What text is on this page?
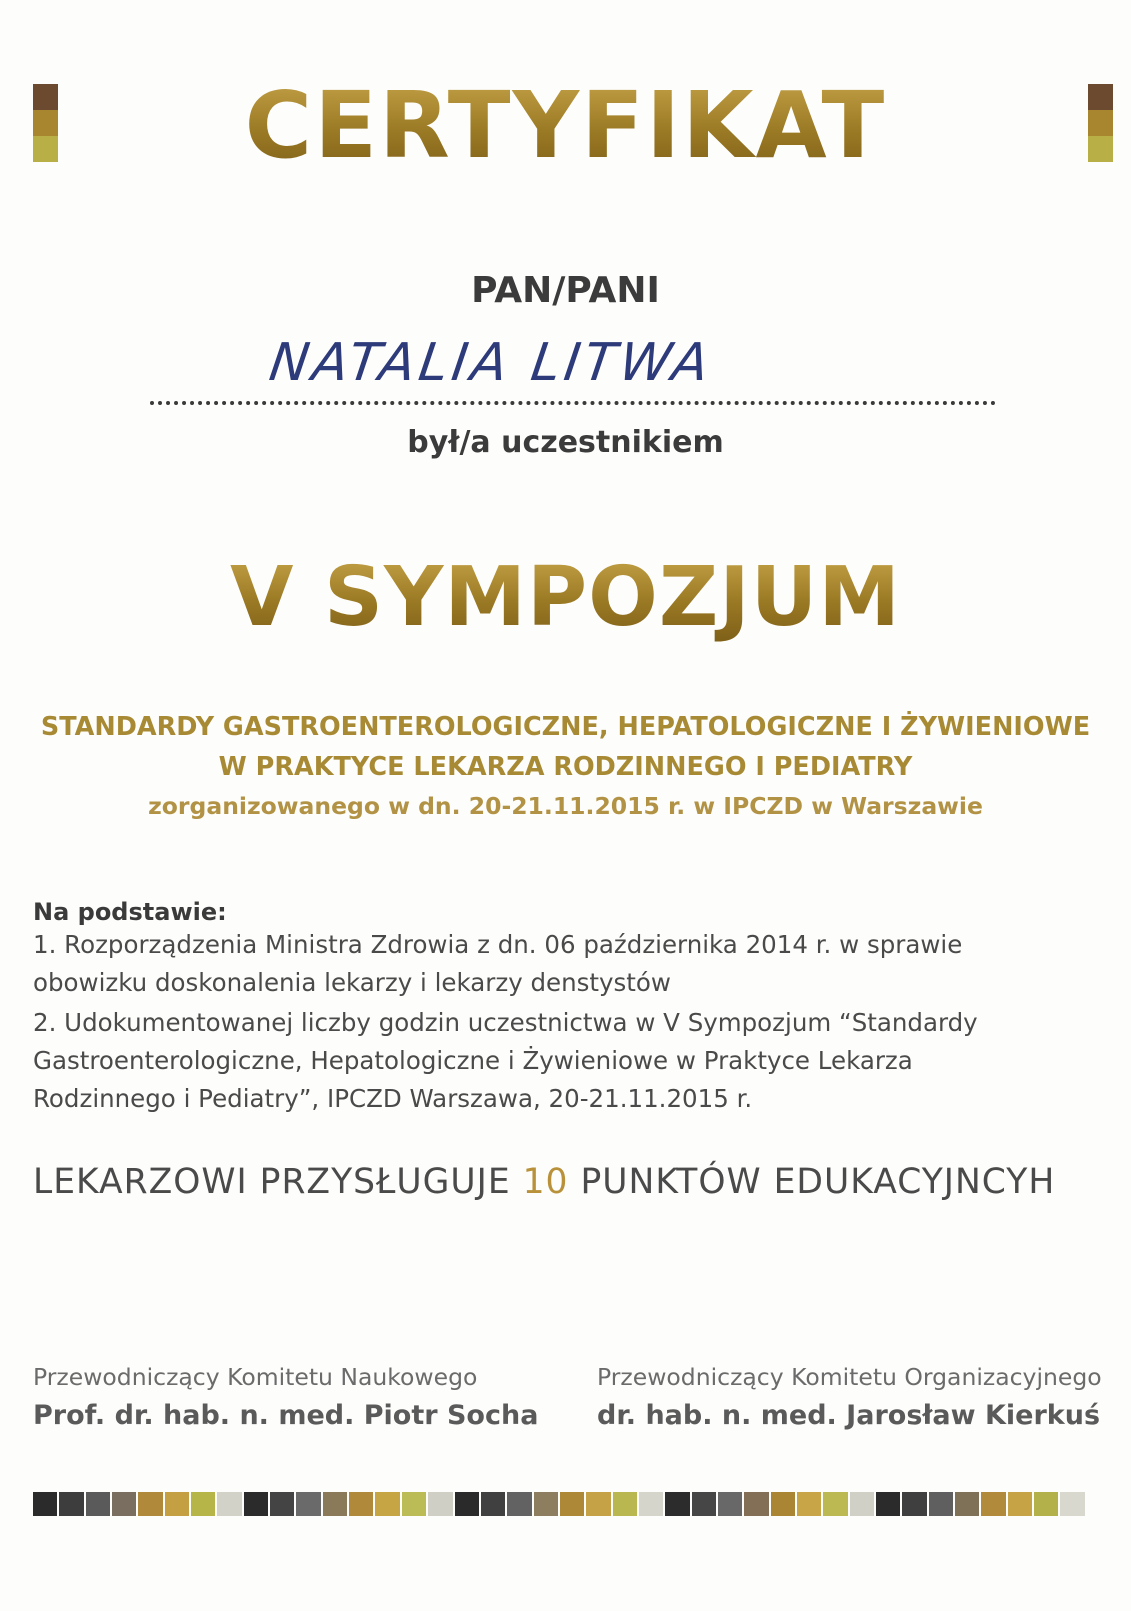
CERTYFIKAT
PAN/PANI
NATALIA LITWA
był/a uczestnikiem
V SYMPOZJUM
STANDARDY GASTROENTEROLOGICZNE, HEPATOLOGICZNE I ŻYWIENIOWE
W PRAKTYCE LEKARZA RODZINNEGO I PEDIATRY
zorganizowanego w dn. 20-21.11.2015 r. w IPCZD w Warszawie
Na podstawie:
1. Rozporządzenia Ministra Zdrowia z dn. 06 października 2014 r. w sprawie
obowizku doskonalenia lekarzy i lekarzy denstystów
2. Udokumentowanej liczby godzin uczestnictwa w V Sympozjum “Standardy
Gastroenterologiczne, Hepatologiczne i Żywieniowe w Praktyce Lekarza
Rodzinnego i Pediatry”, IPCZD Warszawa, 20-21.11.2015 r.
LEKARZOWI PRZYSŁUGUJE 10 PUNKTÓW EDUKACYJNCYH
Przewodniczący Komitetu Naukowego
Prof. dr. hab. n. med. Piotr Socha
Przewodniczący Komitetu Organizacyjnego
dr. hab. n. med. Jarosław Kierkuś
